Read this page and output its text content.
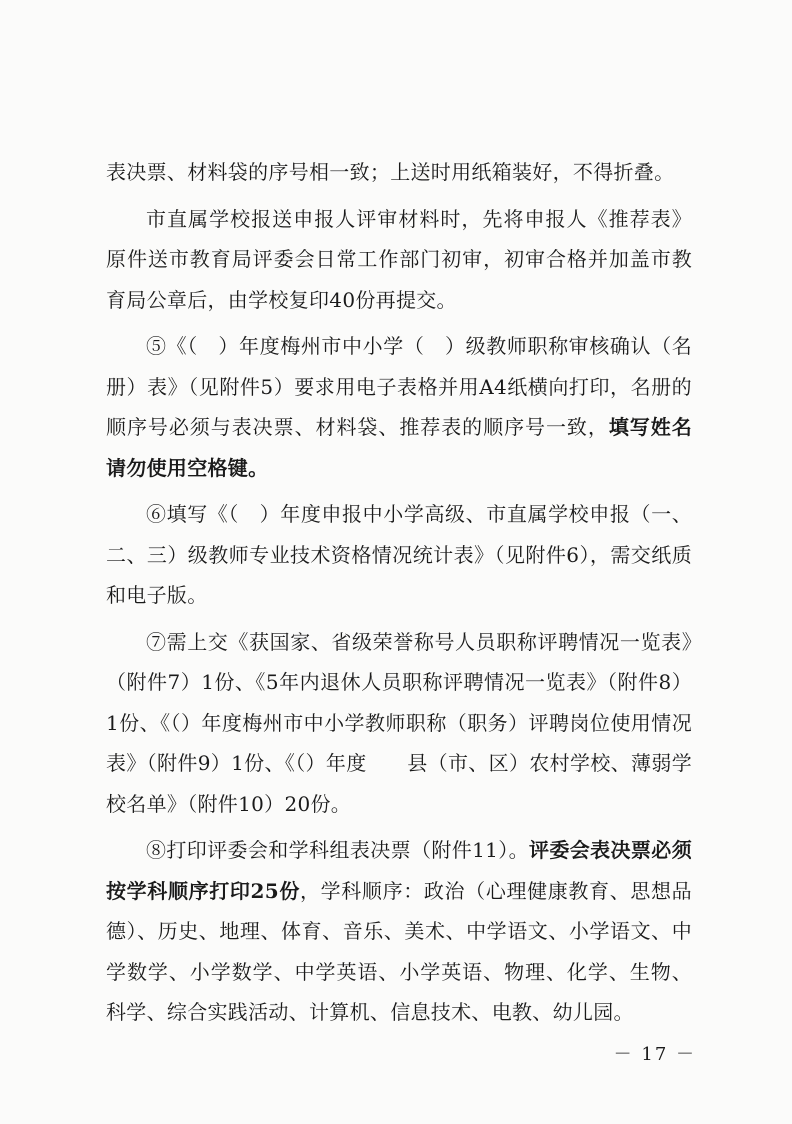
表决票、材料袋的序号相一致；上送时用纸箱装好，不得折叠。

市直属学校报送申报人评审材料时，先将申报人《推荐表》原件送市教育局评委会日常工作部门初审，初审合格并加盖市教育局公章后，由学校复印40份再提交。

⑤《（　）年度梅州市中小学（　）级教师职称审核确认（名册）表》（见附件5）要求用电子表格并用A4纸横向打印，名册的顺序号必须与表决票、材料袋、推荐表的顺序号一致，填写姓名请勿使用空格键。

⑥填写《（　）年度申报中小学高级、市直属学校申报（一、二、三）级教师专业技术资格情况统计表》（见附件6），需交纸质和电子版。

⑦需上交《获国家、省级荣誉称号人员职称评聘情况一览表》（附件7）1份、《5年内退休人员职称评聘情况一览表》（附件8）1份、《（）年度梅州市中小学教师职称（职务）评聘岗位使用情况表》（附件9）1份、《（）年度　　县（市、区）农村学校、薄弱学校名单》（附件10）20份。

⑧打印评委会和学科组表决票（附件11）。评委会表决票必须按学科顺序打印25份，学科顺序：政治（心理健康教育、思想品德）、历史、地理、体育、音乐、美术、中学语文、小学语文、中学数学、小学数学、中学英语、小学英语、物理、化学、生物、科学、综合实践活动、计算机、信息技术、电教、幼儿园。

－ 17 －
